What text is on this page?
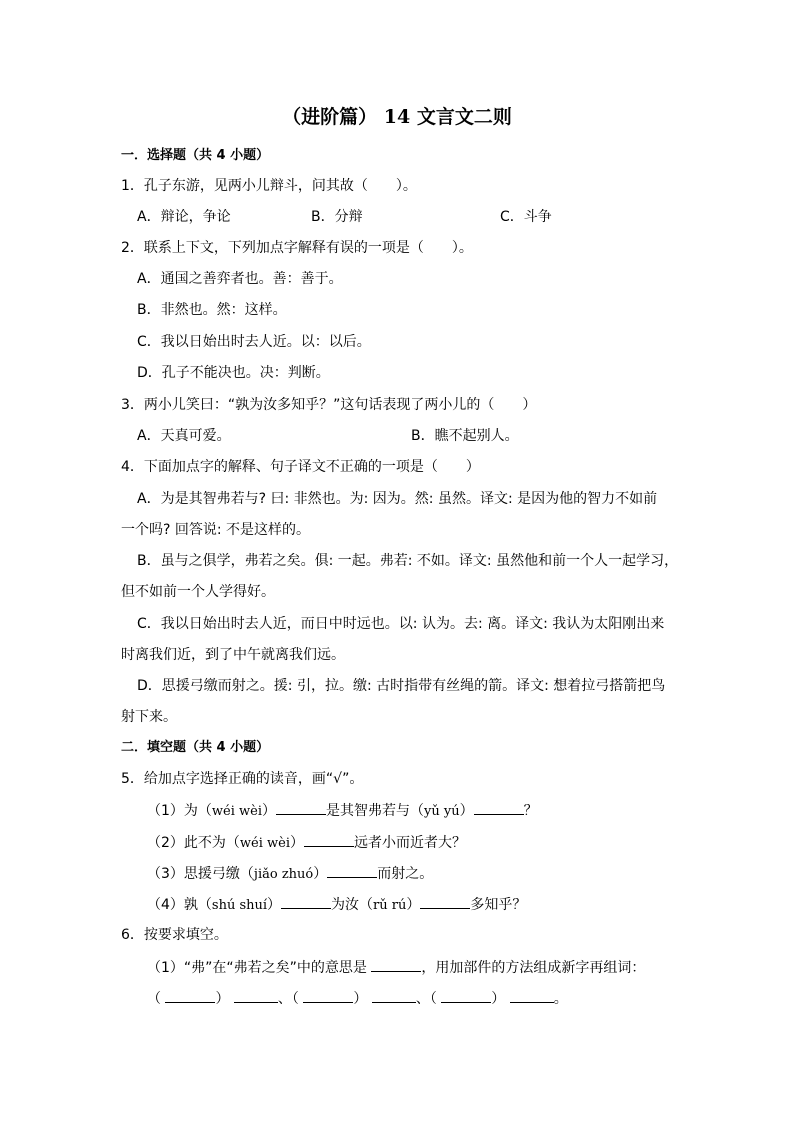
（进阶篇） 14 文言文二则
一．选择题（共 4 小题）
1．孔子东游，见两小儿辩斗，问其故（　　）。
A．辩论，争论	B．分辩	C．斗争
2．联系上下文，下列加点字解释有误的一项是（　　）。
A．通国之善弈者也。善：善于。
B．非然也。然：这样。
C．我以日始出时去人近。以：以后。
D．孔子不能决也。决：判断。
3．两小儿笑曰：“孰为汝多知乎？”这句话表现了两小儿的（　　）
A．天真可爱。	B．瞧不起别人。
4．下面加点字的解释、句子译文不正确的一项是（　　）
A．为是其智弗若与? 曰: 非然也。为: 因为。然: 虽然。译文: 是因为他的智力不如前
一个吗? 回答说: 不是这样的。
B．虽与之俱学，弗若之矣。俱: 一起。弗若: 不如。译文: 虽然他和前一个人一起学习，
但不如前一个人学得好。
C．我以日始出时去人近，而日中时远也。以: 认为。去: 离。译文: 我认为太阳刚出来
时离我们近，到了中午就离我们远。
D．思援弓缴而射之。援: 引，拉。缴: 古时指带有丝绳的箭。译文: 想着拉弓搭箭把鸟
射下来。
二．填空题（共 4 小题）
5．给加点字选择正确的读音，画“√”。
（1）为（wéi wèi）	是其智弗若与（yǔ yú）	？
（2）此不为（wéi wèi）	远者小而近者大？
（3）思援弓缴（jiǎo zhuó）	而射之。
（4）孰（shú shuí）	为汝（rǔ rú）	多知乎？
6．按要求填空。
（1）“弗”在“弗若之矣”中的意思是	，用加部件的方法组成新字再组词：
（	）	、（	）	、（	）	。
